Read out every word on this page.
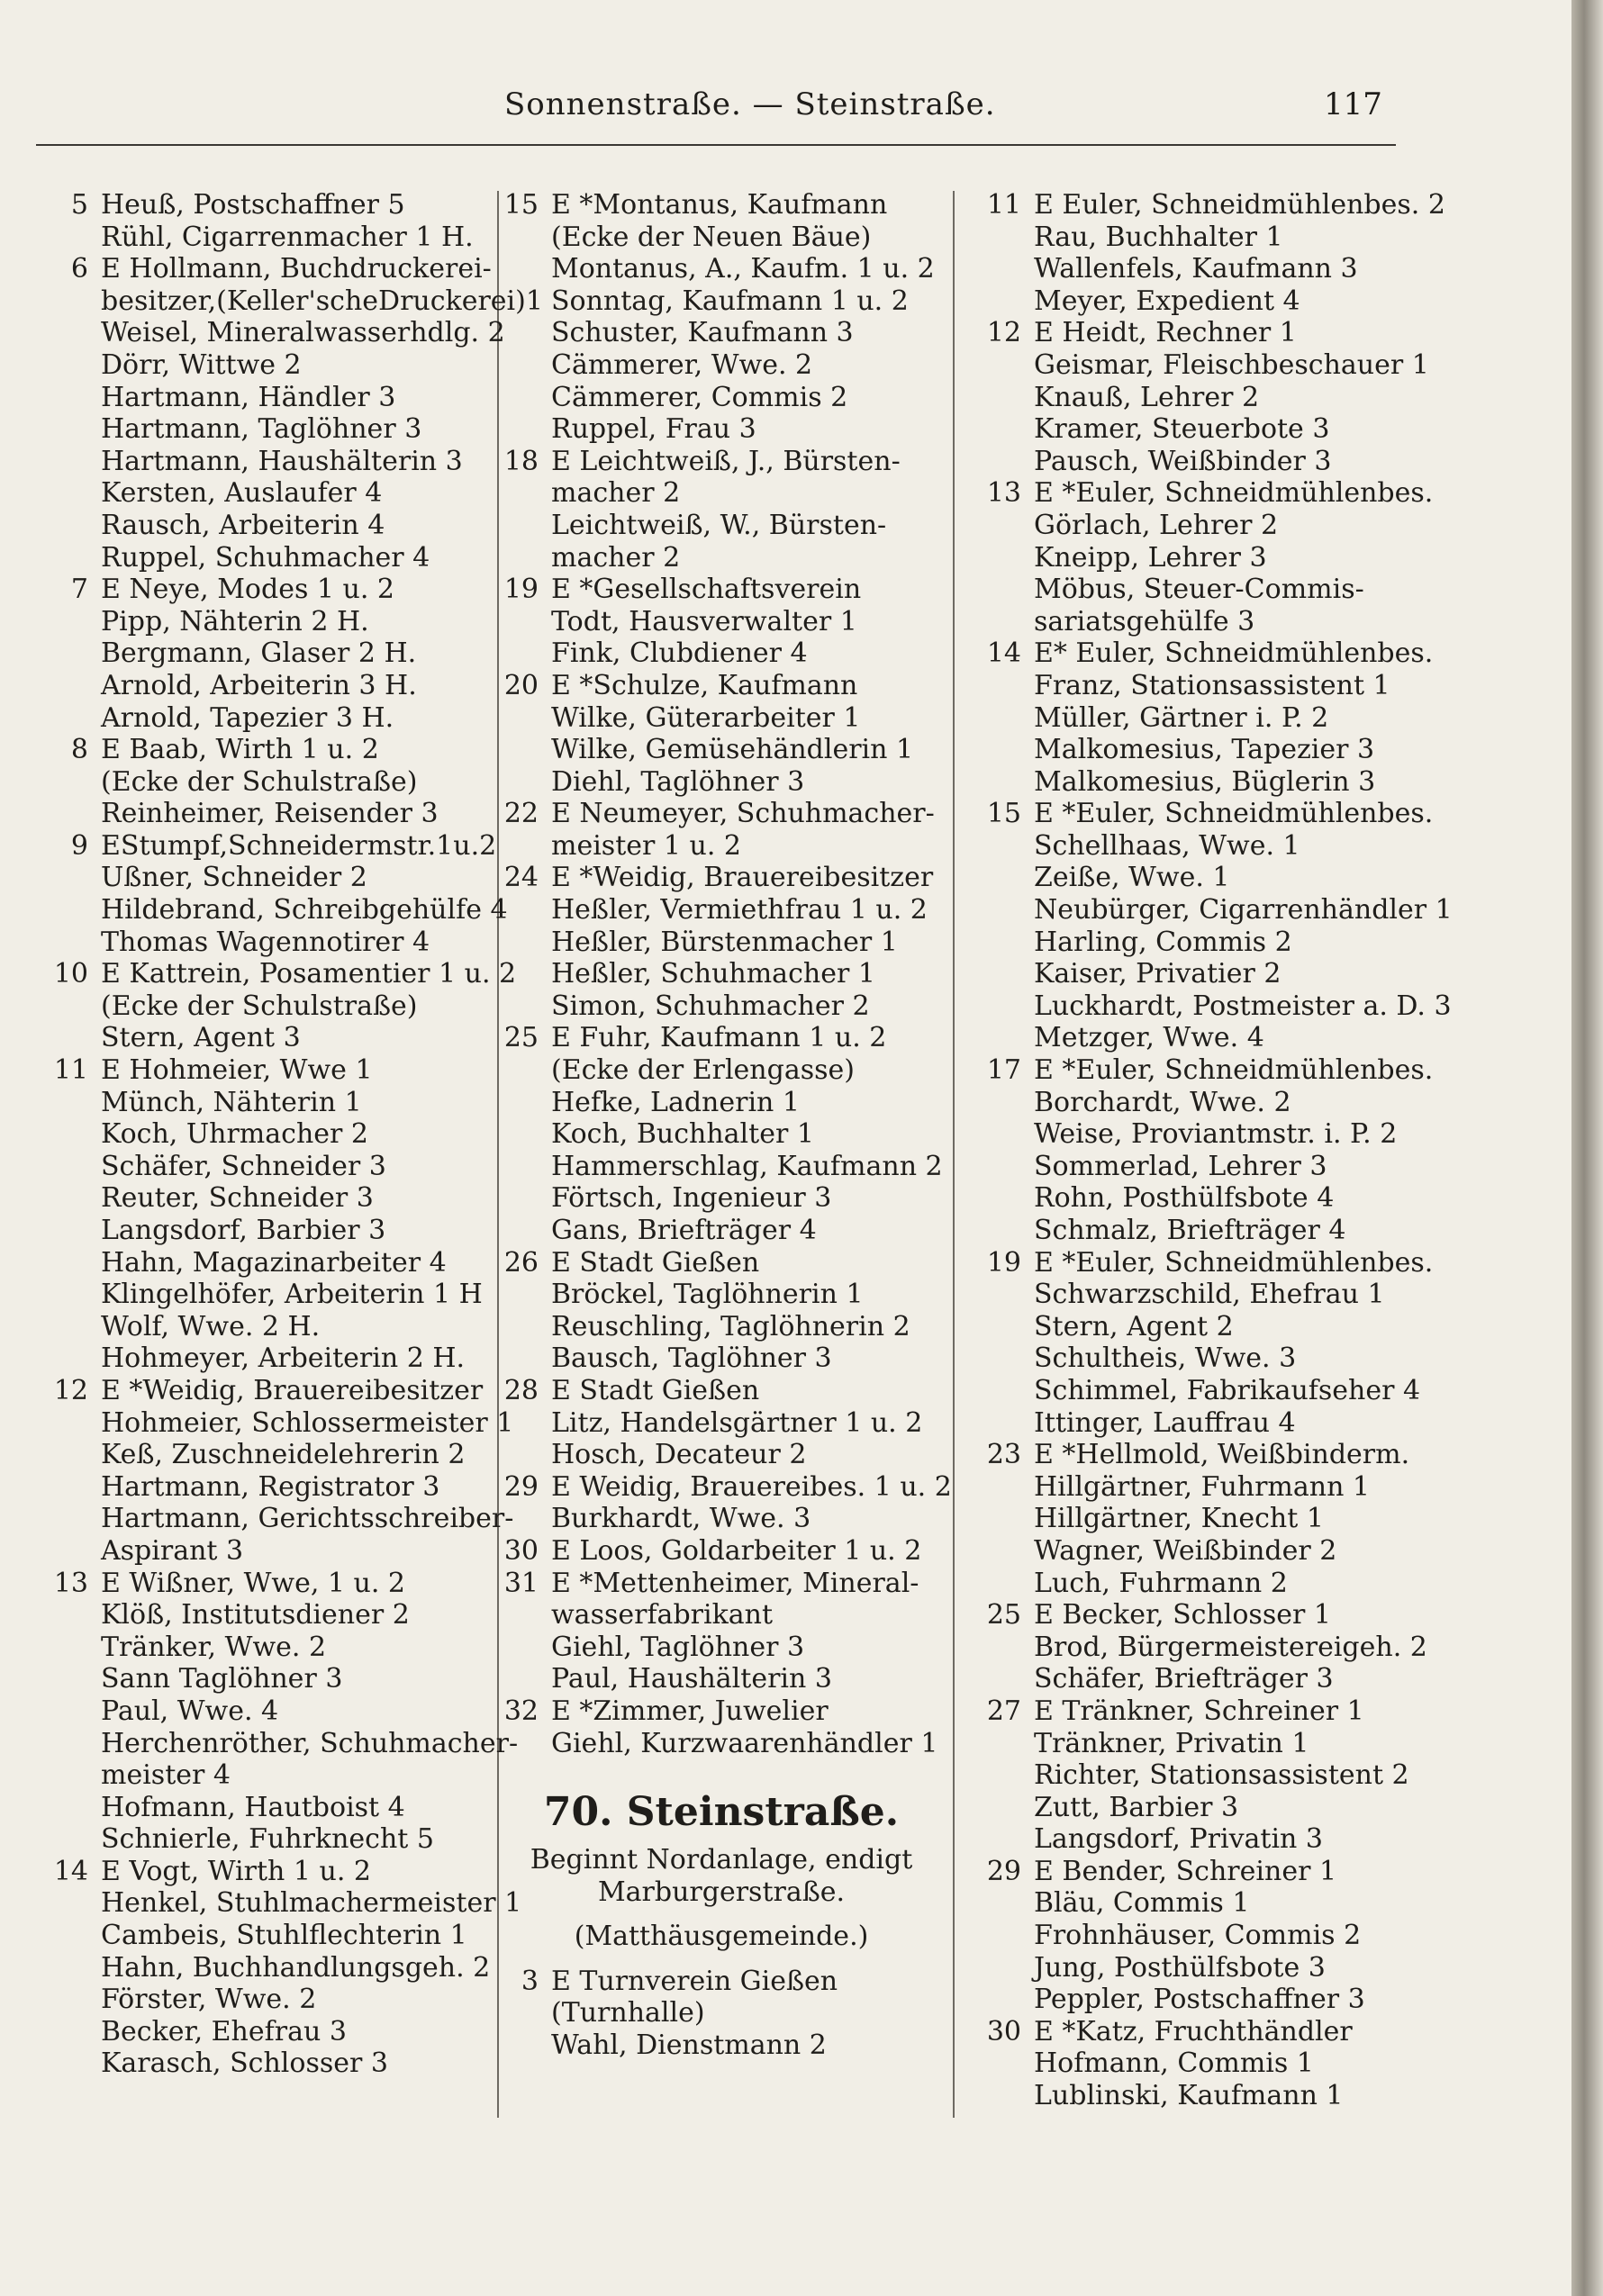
Sonnenstraße. — Steinstraße.	117
5 Heuß, Postschaffner 5
Rühl, Cigarrenmacher 1 H.
6 E Hollmann, Buchdruckerei-
besitzer,(Keller'scheDruckerei)1
Weisel, Mineralwasserhdlg. 2
Dörr, Wittwe 2
Hartmann, Händler 3
Hartmann, Taglöhner 3
Hartmann, Haushälterin 3
Kersten, Auslaufer 4
Rausch, Arbeiterin 4
Ruppel, Schuhmacher 4
7 E Neye, Modes 1 u. 2
Pipp, Nähterin 2 H.
Bergmann, Glaser 2 H.
Arnold, Arbeiterin 3 H.
Arnold, Tapezier 3 H.
8 E Baab, Wirth 1 u. 2
(Ecke der Schulstraße)
Reinheimer, Reisender 3
9 EStumpf,Schneidermstr.1u.2
Ußner, Schneider 2
Hildebrand, Schreibgehülfe 4
Thomas Wagennotirer 4
10 E Kattrein, Posamentier 1 u. 2
(Ecke der Schulstraße)
Stern, Agent 3
11 E Hohmeier, Wwe 1
Münch, Nähterin 1
Koch, Uhrmacher 2
Schäfer, Schneider 3
Reuter, Schneider 3
Langsdorf, Barbier 3
Hahn, Magazinarbeiter 4
Klingelhöfer, Arbeiterin 1 H
Wolf, Wwe. 2 H.
Hohmeyer, Arbeiterin 2 H.
12 E *Weidig, Brauereibesitzer
Hohmeier, Schlossermeister 1
Keß, Zuschneidelehrerin 2
Hartmann, Registrator 3
Hartmann, Gerichtsschreiber-
Aspirant 3
13 E Wißner, Wwe, 1 u. 2
Klöß, Institutsdiener 2
Tränker, Wwe. 2
Sann Taglöhner 3
Paul, Wwe. 4
Herchenröther, Schuhmacher-
meister 4
Hofmann, Hautboist 4
Schnierle, Fuhrknecht 5
14 E Vogt, Wirth 1 u. 2
Henkel, Stuhlmachermeister 1
Cambeis, Stuhlflechterin 1
Hahn, Buchhandlungsgeh. 2
Förster, Wwe. 2
Becker, Ehefrau 3
Karasch, Schlosser 3
15 E *Montanus, Kaufmann
(Ecke der Neuen Bäue)
Montanus, A., Kaufm. 1 u. 2
Sonntag, Kaufmann 1 u. 2
Schuster, Kaufmann 3
Cämmerer, Wwe. 2
Cämmerer, Commis 2
Ruppel, Frau 3
18 E Leichtweiß, J., Bürsten-
macher 2
Leichtweiß, W., Bürsten-
macher 2
19 E *Gesellschaftsverein
Todt, Hausverwalter 1
Fink, Clubdiener 4
20 E *Schulze, Kaufmann
Wilke, Güterarbeiter 1
Wilke, Gemüsehändlerin 1
Diehl, Taglöhner 3
22 E Neumeyer, Schuhmacher-
meister 1 u. 2
24 E *Weidig, Brauereibesitzer
Heßler, Vermiethfrau 1 u. 2
Heßler, Bürstenmacher 1
Heßler, Schuhmacher 1
Simon, Schuhmacher 2
25 E Fuhr, Kaufmann 1 u. 2
(Ecke der Erlengasse)
Hefke, Ladnerin 1
Koch, Buchhalter 1
Hammerschlag, Kaufmann 2
Förtsch, Ingenieur 3
Gans, Briefträger 4
26 E Stadt Gießen
Bröckel, Taglöhnerin 1
Reuschling, Taglöhnerin 2
Bausch, Taglöhner 3
28 E Stadt Gießen
Litz, Handelsgärtner 1 u. 2
Hosch, Decateur 2
29 E Weidig, Brauereibes. 1 u. 2
Burkhardt, Wwe. 3
30 E Loos, Goldarbeiter 1 u. 2
31 E *Mettenheimer, Mineral-
wasserfabrikant
Giehl, Taglöhner 3
Paul, Haushälterin 3
32 E *Zimmer, Juwelier
Giehl, Kurzwaarenhändler 1
70. Steinstraße.
Beginnt Nordanlage, endigt
Marburgerstraße.
(Matthäusgemeinde.)
3 E Turnverein Gießen
(Turnhalle)
Wahl, Dienstmann 2
11 E Euler, Schneidmühlenbes. 2
Rau, Buchhalter 1
Wallenfels, Kaufmann 3
Meyer, Expedient 4
12 E Heidt, Rechner 1
Geismar, Fleischbeschauer 1
Knauß, Lehrer 2
Kramer, Steuerbote 3
Pausch, Weißbinder 3
13 E *Euler, Schneidmühlenbes.
Görlach, Lehrer 2
Kneipp, Lehrer 3
Möbus, Steuer-Commis-
sariatsgehülfe 3
14 E* Euler, Schneidmühlenbes.
Franz, Stationsassistent 1
Müller, Gärtner i. P. 2
Malkomesius, Tapezier 3
Malkomesius, Büglerin 3
15 E *Euler, Schneidmühlenbes.
Schellhaas, Wwe. 1
Zeiße, Wwe. 1
Neubürger, Cigarrenhändler 1
Harling, Commis 2
Kaiser, Privatier 2
Luckhardt, Postmeister a. D. 3
Metzger, Wwe. 4
17 E *Euler, Schneidmühlenbes.
Borchardt, Wwe. 2
Weise, Proviantmstr. i. P. 2
Sommerlad, Lehrer 3
Rohn, Posthülfsbote 4
Schmalz, Briefträger 4
19 E *Euler, Schneidmühlenbes.
Schwarzschild, Ehefrau 1
Stern, Agent 2
Schultheis, Wwe. 3
Schimmel, Fabrikaufseher 4
Ittinger, Lauffrau 4
23 E *Hellmold, Weißbinderm.
Hillgärtner, Fuhrmann 1
Hillgärtner, Knecht 1
Wagner, Weißbinder 2
Luch, Fuhrmann 2
25 E Becker, Schlosser 1
Brod, Bürgermeistereigeh. 2
Schäfer, Briefträger 3
27 E Tränkner, Schreiner 1
Tränkner, Privatin 1
Richter, Stationsassistent 2
Zutt, Barbier 3
Langsdorf, Privatin 3
29 E Bender, Schreiner 1
Bläu, Commis 1
Frohnhäuser, Commis 2
Jung, Posthülfsbote 3
Peppler, Postschaffner 3
30 E *Katz, Fruchthändler
Hofmann, Commis 1
Lublinski, Kaufmann 1
